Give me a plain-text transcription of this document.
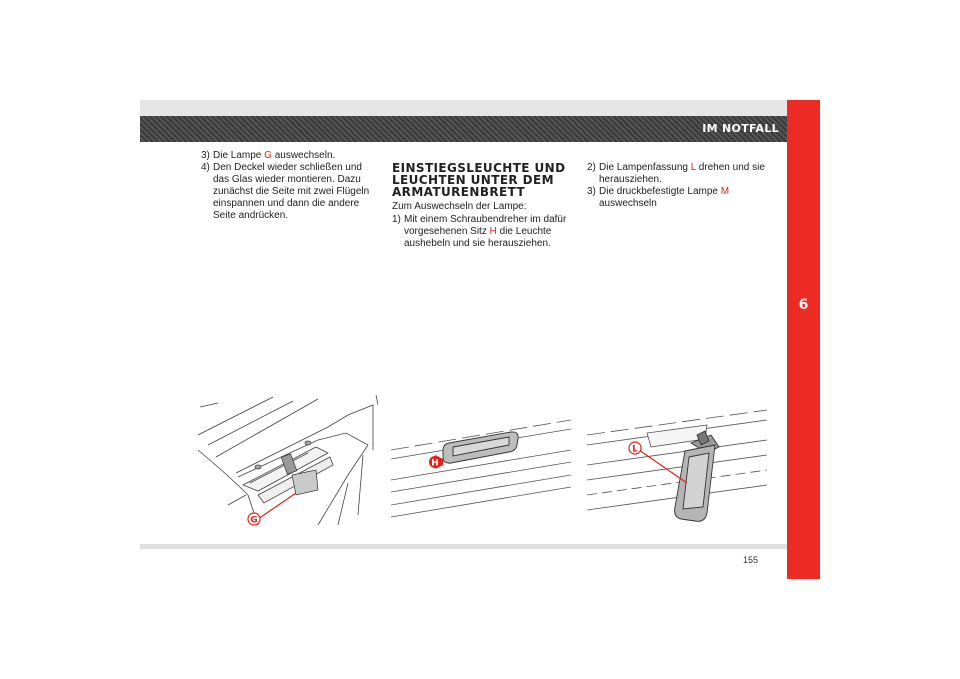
IM NOTFALL
6

3) Die Lampe G auswechseln.

4) Den Deckel wieder schließen und das Glas wieder montieren. Dazu zunächst die Seite mit zwei Flügeln einspannen und dann die andere Seite andrücken.

EINSTIEGSLEUCHTE UND LEUCHTEN UNTER DEM ARMATURENBRETT

Zum Auswechseln der Lampe:

1) Mit einem Schraubendreher im dafür vorgesehenen Sitz H die Leuchte aushebeln und sie herausziehen.

2) Die Lampenfassung L drehen und sie herausziehen.

3) Die druckbefestigte Lampe M auswechseln

G
H
L
155
